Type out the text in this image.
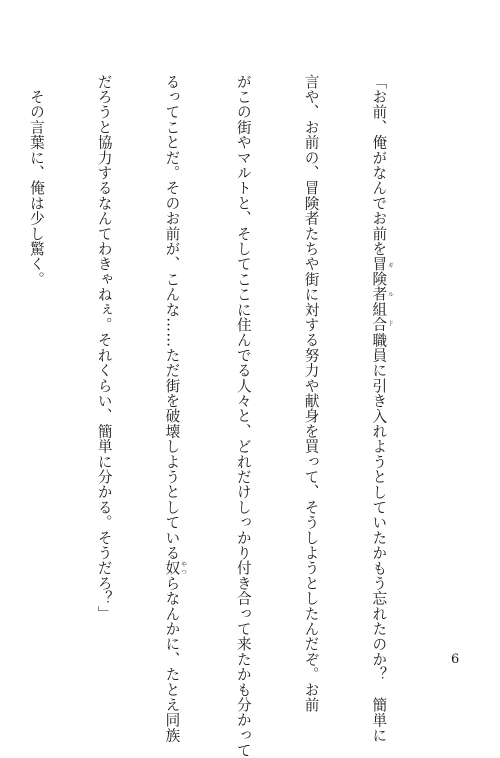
「お前、俺がなんでお前を冒険者組合 ギルド職員に引き入れようとしていたかもう忘れたのか？　簡単に

言や、お前の、冒険者たちや街に対する努力や献身を買って、そうしようとしたんだぞ。お前

がこの街やマルトと、そしてここに住んでる人々と、どれだけしっかり付き合って来たかも分かって

るってことだ。そのお前が、こんな……ただ街を破壊しようとしている奴 やつらなんかに、たとえ同族

だろうと協力するなんてわきゃねぇ。それくらい、簡単に分かる。そうだろ？」

　その言葉に、俺は少し驚く。

6
